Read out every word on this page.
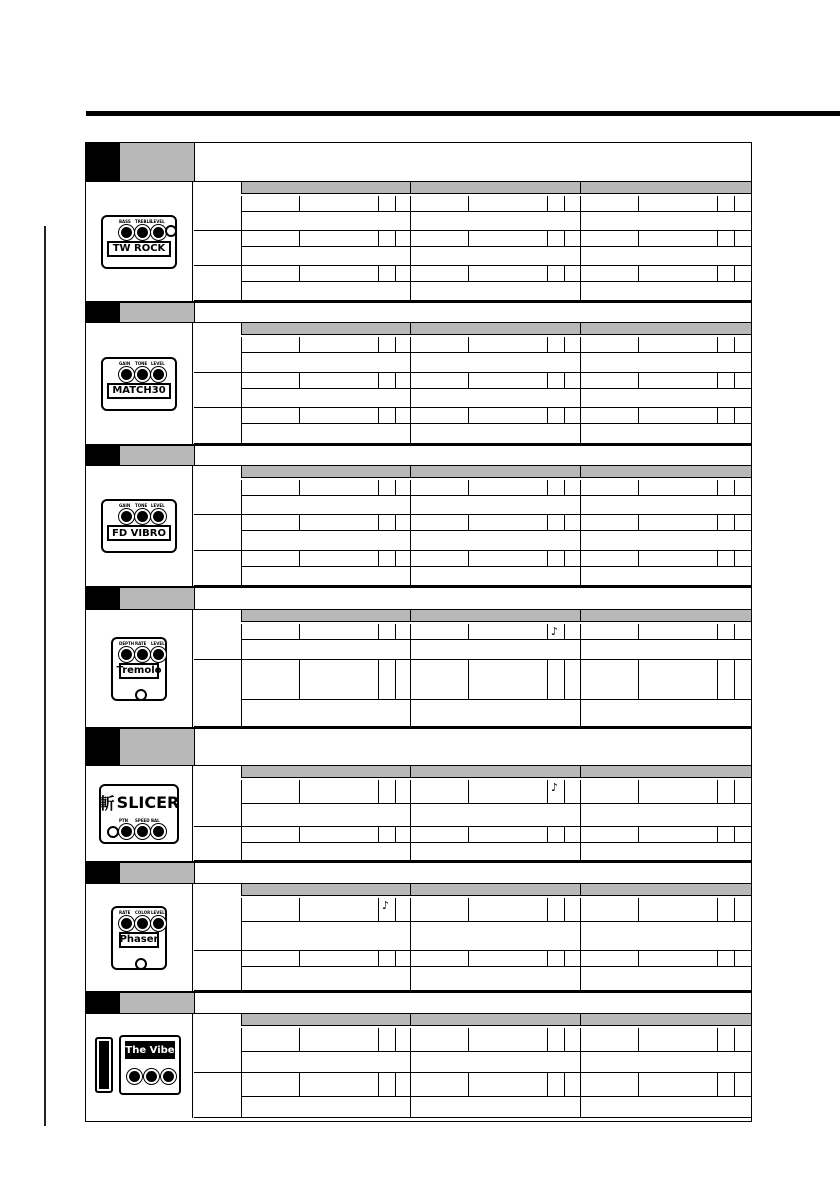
BASS TREBLE LEVEL
TW ROCK
GAIN TONE LEVEL
MATCH30
GAIN TONE LEVEL
FD VIBRO
DEPTH RATE LEVEL
Tremolo
♪
PTN SPEED BAL
斬 SLICER
♪
RATE COLOR LEVEL
Phaser
♪
The Vibe
